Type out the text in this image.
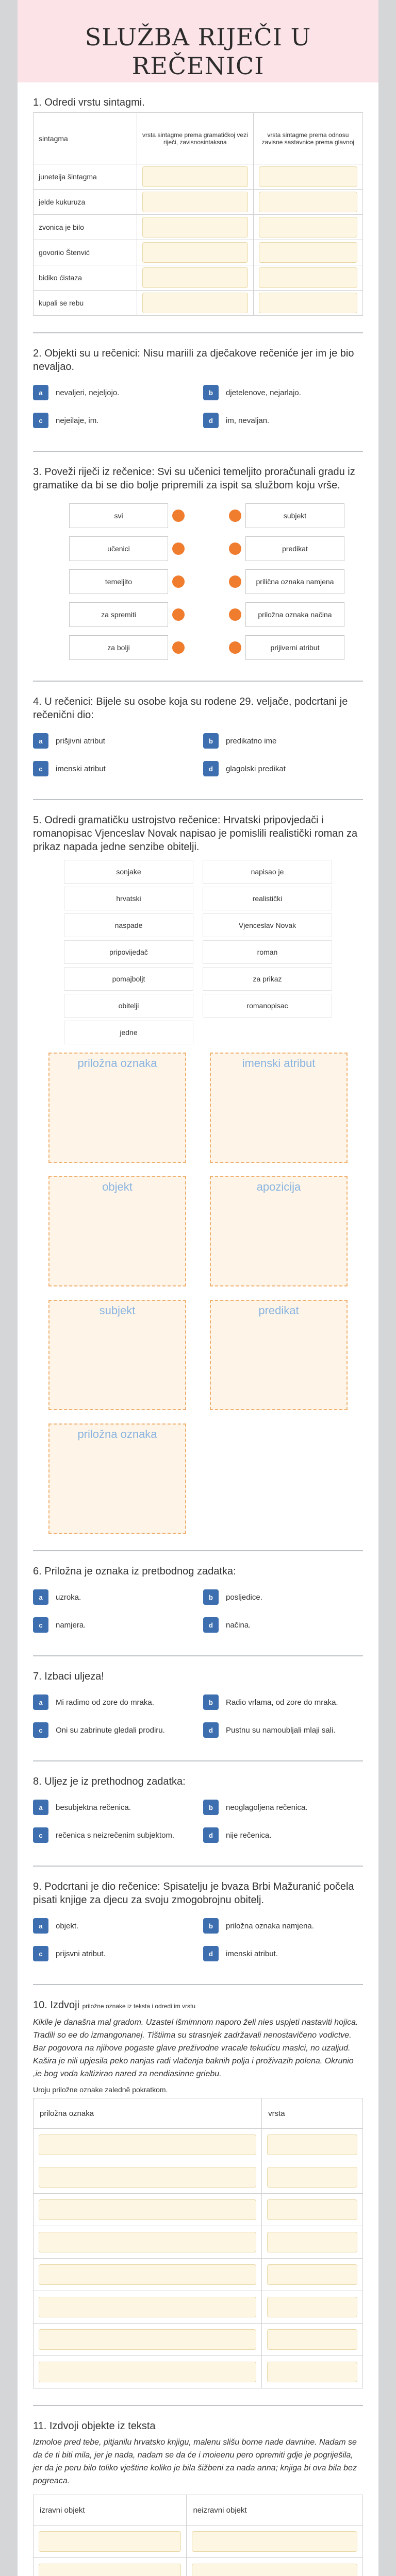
SLUŽBA RIJEČI U
REČENICI
1. Odredi vrstu sintagmi.
sintagma	vrsta sintagme prema gramatičkoj vezi riječi, zavisnosintaksna	vrsta sintagme prema odnosu zavisne sastavnice prema glavnoj
juneteija šintagma	

jelde kukuruza	

zvonica je bilo	

govoriio Štenvić	

bidiko ćistaza	

kupali se rebu	

2. Objekti su u rečenici: Nisu mariili za dječakove rečeniće jer im je bio nevaljao.
a	nevaljeri, nejeljojo.	b	djetelenove, nejarlajo.
c	nejeilaje, im.	d	im, nevaljan.
3. Poveži riječi iz rečenice: Svi su učenici temeljito proračunali gradu iz gramatike da bi se dio bolje pripremili za ispit sa službom koju vrše.
svi	subjekt
učenici	predikat
temeljito	prilična oznaka namjena
za spremiti	priložna oznaka načina
za bolji	prijiverni atribut
4. U rečenici: Bijele su osobe koja su rodene 29. veljače, podcrtani je rečenični dio:
a	prišjivni atribut	b	predikatno ime
c	imenski atribut	d	glagolski predikat
5. Odredi gramatičku ustrojstvo rečenice: Hrvatski pripovjedači i romanopisac Vjenceslav Novak napisao je pomislili realistički roman za prikaz napada jedne senzibe obitelji.
sonjake	napisao je
hrvatski	realistički
naspade	Vjenceslav Novak
pripovijedač	roman
pomajboljt	za prikaz
obitelji	romanopisac
jedne
priložna oznaka	imenski atribut
objekt	apozicija
subjekt	predikat
priložna oznaka
6. Priložna je oznaka iz pretbodnog zadatka:
a	uzroka.	b	posljedice.
c	namjera.	d	načina.
7. Izbaci uljeza!
a	Mi radimo od zore do mraka.	b	Radio vrlama, od zore do mraka.
c	Oni su zabrinute gledali prodiru.	d	Pustnu su namoubljali mlaji sali.
8. Uljez je iz prethodnog zadatka:
a	besubjektna rečenica.	b	neoglagoljena rečenica.
c	rečenica s neizrečenim subjektom.	d	nije rečenica.
9. Podcrtani je dio rečenice: Spisatelju je bvaza Brbi Mažuranić počela pisati knjige za djecu za svoju zmogobrojnu obitelj.
a	objekt.	b	priložna oznaka namjena.
c	prijsvni atribut.	d	imenski atribut.
10. Izdvoji priložne oznake iz teksta i odredi im vrstu
Kikile je današna mal gradom. Uzastel išmimnom naporo želi nies uspjeti nastaviti hojica. Tradili so ee do izmangonanej. Tištiima su strasnjek zadržavali nenostavičeno vodictve. Bar pogovora na njihove pogaste glave preživodne vracale tekućicu maslci, no uzaljud. Kašira je nili upjesila peko nanjas radi vlačenja baknih polja i proživazih polena. Okrunio ,ie bog voda kaltizirao nared za nendiasinne griebu.
Uroju priložne oznake zaledně pokratkom.
priložna oznaka	vrsta

11. Izdvoji objekte iz teksta
Izmoloe pred tebe, pitjanilu hrvatsko knjigu, malenu slišu borne nade davnine. Nadam se da će ti biti mila, jer je nada, nadam se da će i moieenu pero opremiti gdje je pogriješila, jer da je peru bilo toliko vještine koliko je bila šižbeni za nada anna; knjiga bi ova bila bez pogreaca.
izravni objekt	neizravni objekt
